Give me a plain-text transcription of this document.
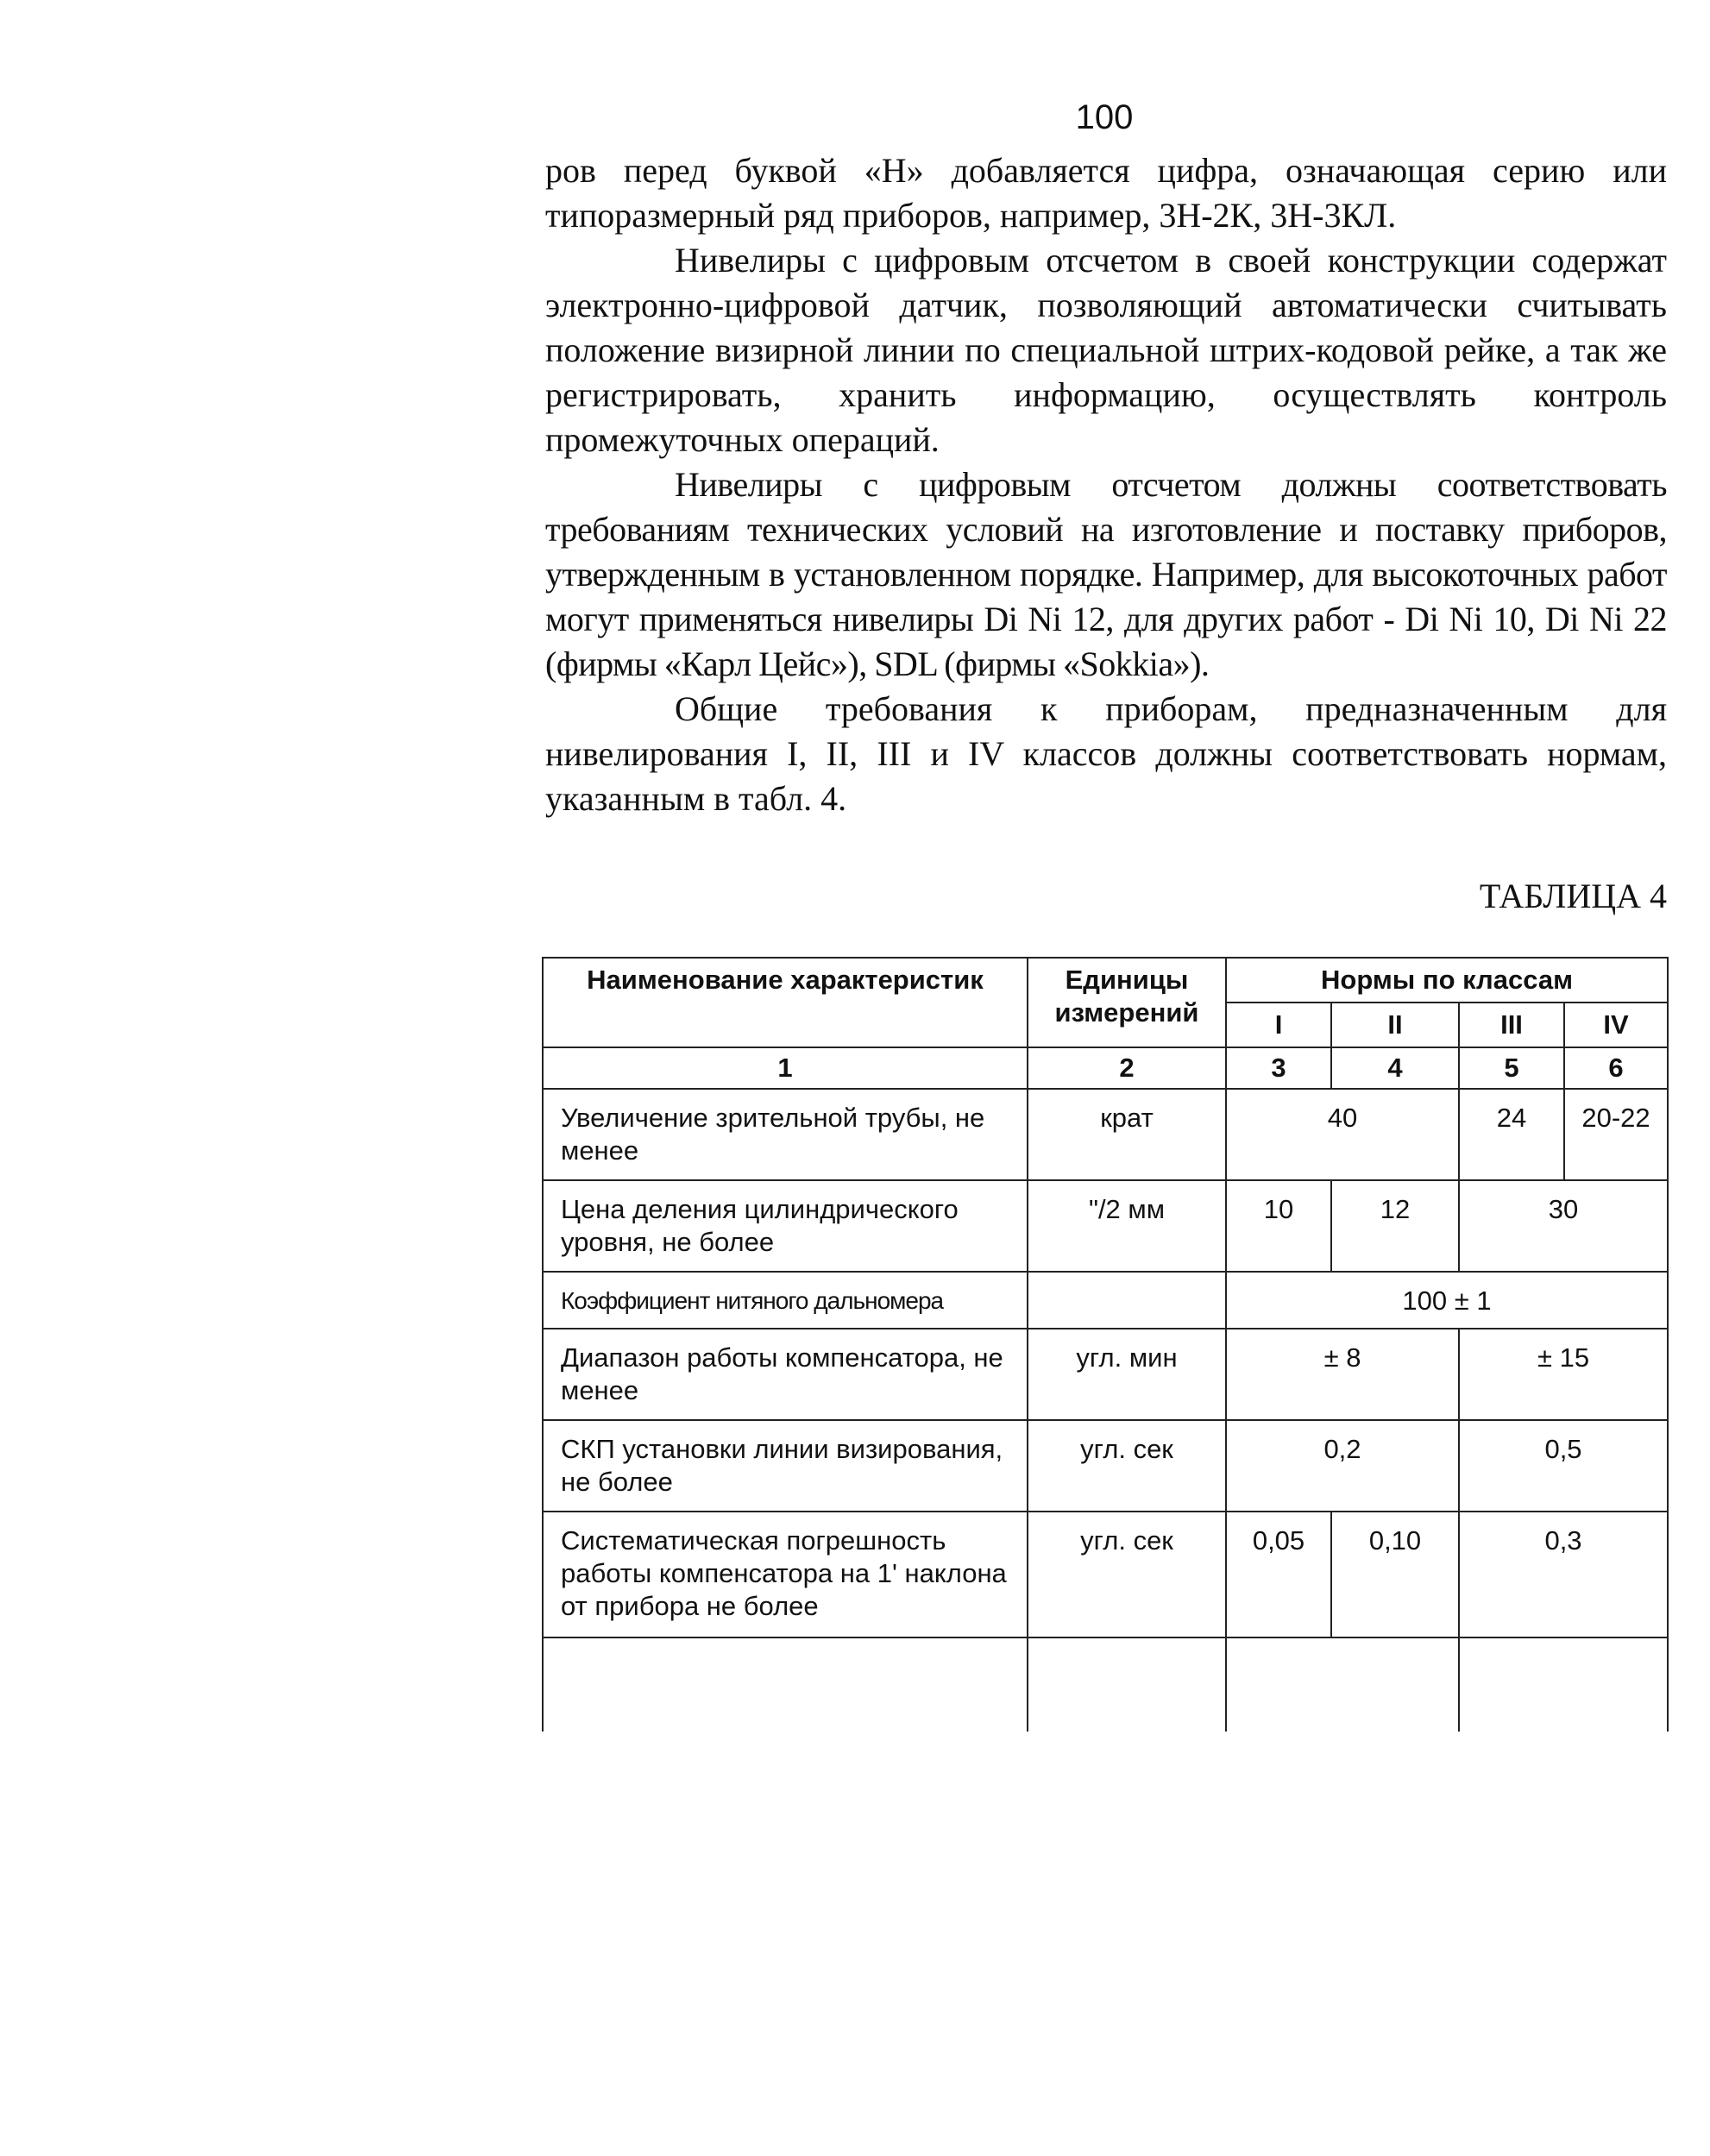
100

ров перед буквой «Н» добавляется цифра, означающая серию или типоразмерный ряд приборов, например, 3Н-2К, 3Н-3КЛ.

Нивелиры с цифровым отсчетом в своей конструкции содержат электронно-цифровой датчик, позволяющий автоматически считывать положение визирной линии по специальной штрих-кодовой рейке, а так же регистрировать, хранить информацию, осуществлять контроль промежуточных операций.

Нивелиры с цифровым отсчетом должны соответствовать требованиям технических условий на изготовление и поставку приборов, утвержденным в установленном порядке. Например, для высокоточных работ могут применяться нивелиры Di Ni 12, для других работ - Di Ni 10, Di Ni 22 (фирмы «Карл Цейс»), SDL (фирмы «Sokkia»).

Общие требования к приборам, предназначенным для нивелирования I, II, III и IV классов должны соответствовать нормам, указанным в табл. 4.

ТАБЛИЦА 4
Наименование характеристик	Единицы измерений	Нормы по классам			
		I	II	III	IV
1	2	3	4	5	6
Увеличение зрительной трубы, не менее	крат	40		24	20-22
Цена деления цилиндрического уровня, не более	"/2 мм	10	12	30	
Коэффициент нитяного дальномера		100 ± 1			
Диапазон работы компенсатора, не менее	угл. мин	± 8		± 15	
СКП установки линии визирования, не более	угл. сек	0,2		0,5	
Систематическая погрешность работы компенсатора на 1' наклона от прибора не более	угл. сек	0,05	0,10	0,3	
